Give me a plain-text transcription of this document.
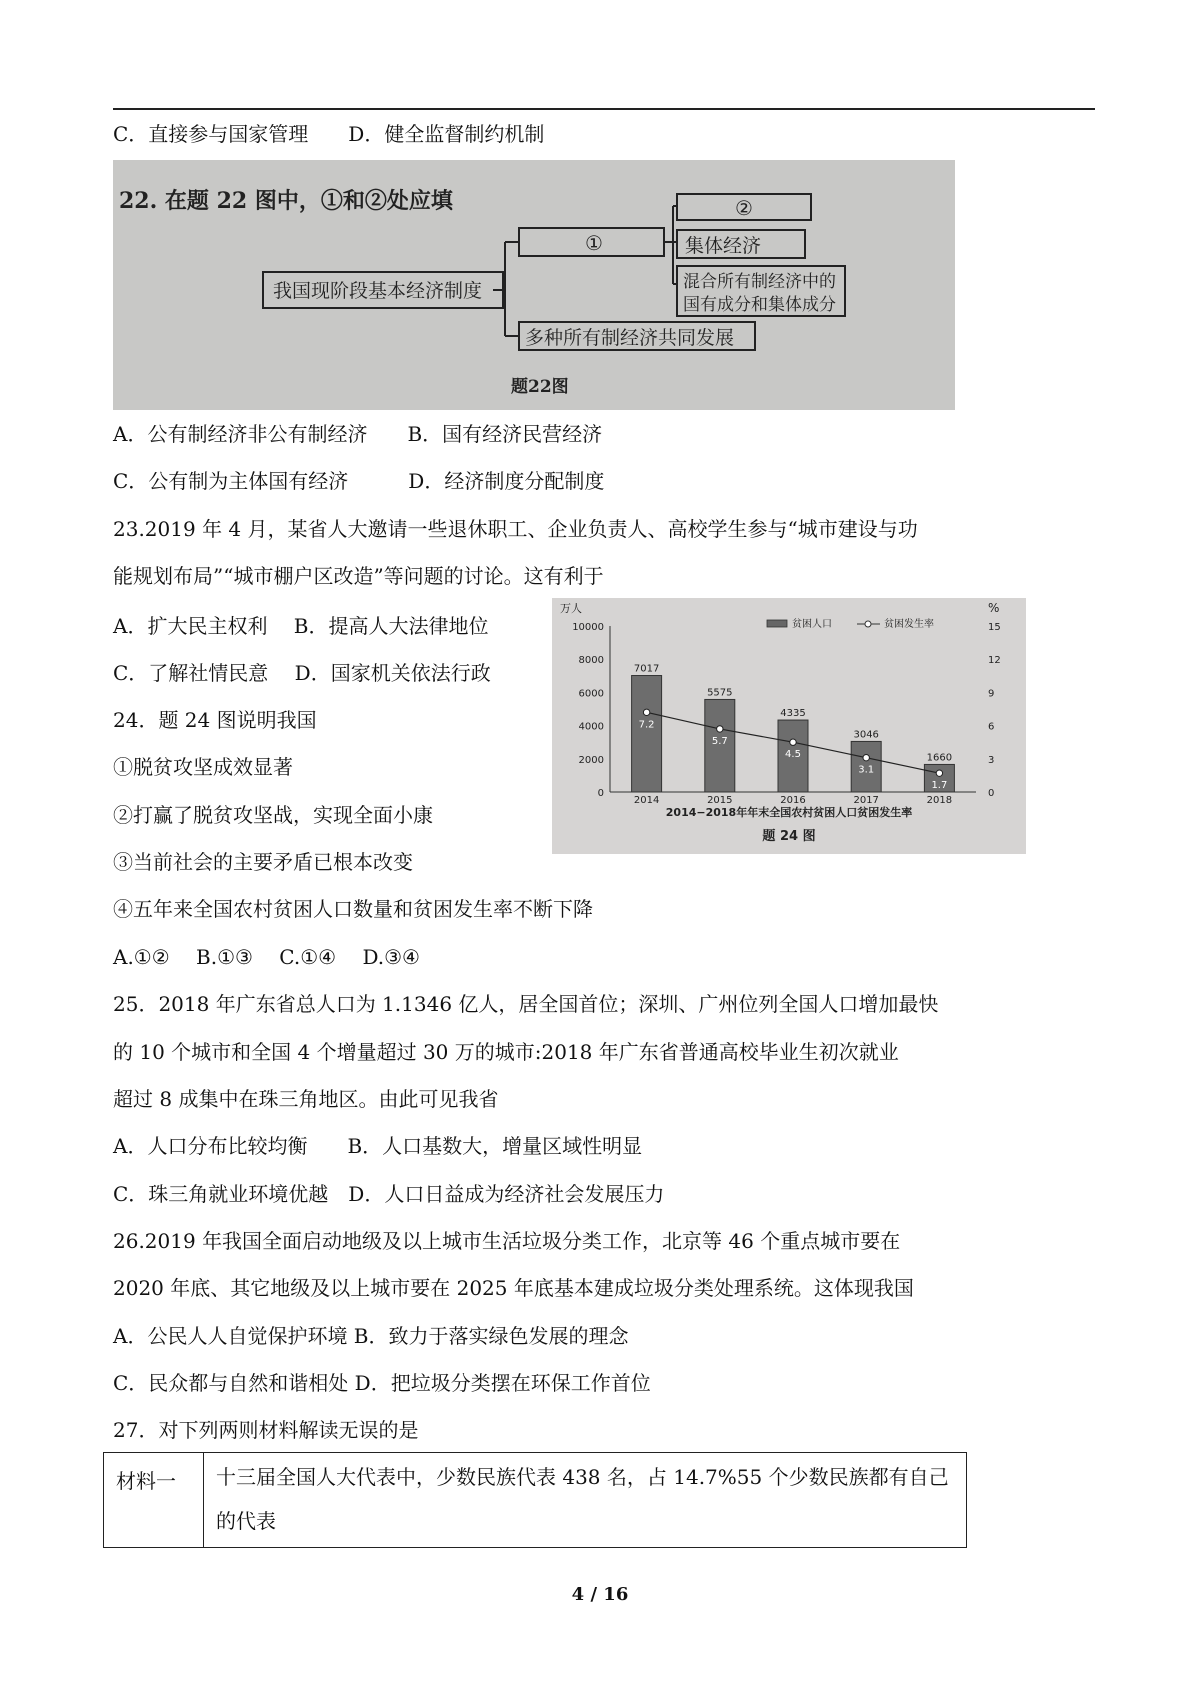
C．直接参与国家管理　　D．健全监督制约机制
22. 在题 22 图中，①和②处应填
我国现阶段基本经济制度
①
②
集体经济
混合所有制经济中的
国有成分和集体成分
多种所有制经济共同发展
题22图
A．公有制经济非公有制经济　　B．国有经济民营经济
C．公有制为主体国有经济　　　D．经济制度分配制度
23.2019 年 4 月，某省人大邀请一些退休职工、企业负责人、高校学生参与“城市建设与功
能规划布局”“城市棚户区改造”等问题的讨论。这有利于
A．扩大民主权利　 B．提高人大法律地位
C．了解社情民意　 D．国家机关依法行政
24．题 24 图说明我国
①脱贫攻坚成效显著
②打赢了脱贫攻坚战，实现全面小康
③当前社会的主要矛盾已根本改变
④五年来全国农村贫困人口数量和贫困发生率不断下降
A.①②　 B.①③　 C.①④　 D.③④
万人	%
0
2000
4000
6000
8000
10000
0
3
6
9
12
15
贫困人口	贫困发生率
7017
5575
4335
3046
1660
7.2
5.7
4.5
3.1
1.7
2014	2015	2016	2017	2018
2014−2018年年末全国农村贫困人口贫困发生率
题 24 图
25．2018 年广东省总人口为 1.1346 亿人，居全国首位；深圳、广州位列全国人口增加最快
的 10 个城市和全国 4 个增量超过 30 万的城市:2018 年广东省普通高校毕业生初次就业
超过 8 成集中在珠三角地区。由此可见我省
A．人口分布比较均衡　　B．人口基数大，增量区域性明显
C．珠三角就业环境优越　D．人口日益成为经济社会发展压力
26.2019 年我国全面启动地级及以上城市生活垃圾分类工作，北京等 46 个重点城市要在
2020 年底、其它地级及以上城市要在 2025 年底基本建成垃圾分类处理系统。这体现我国
A．公民人人自觉保护环境 B．致力于落实绿色发展的理念
C．民众都与自然和谐相处 D．把垃圾分类摆在环保工作首位
27．对下列两则材料解读无误的是
材料一	十三届全国人大代表中，少数民族代表 438 名，占 14.7%55 个少数民族都有自己的代表
4 / 16
